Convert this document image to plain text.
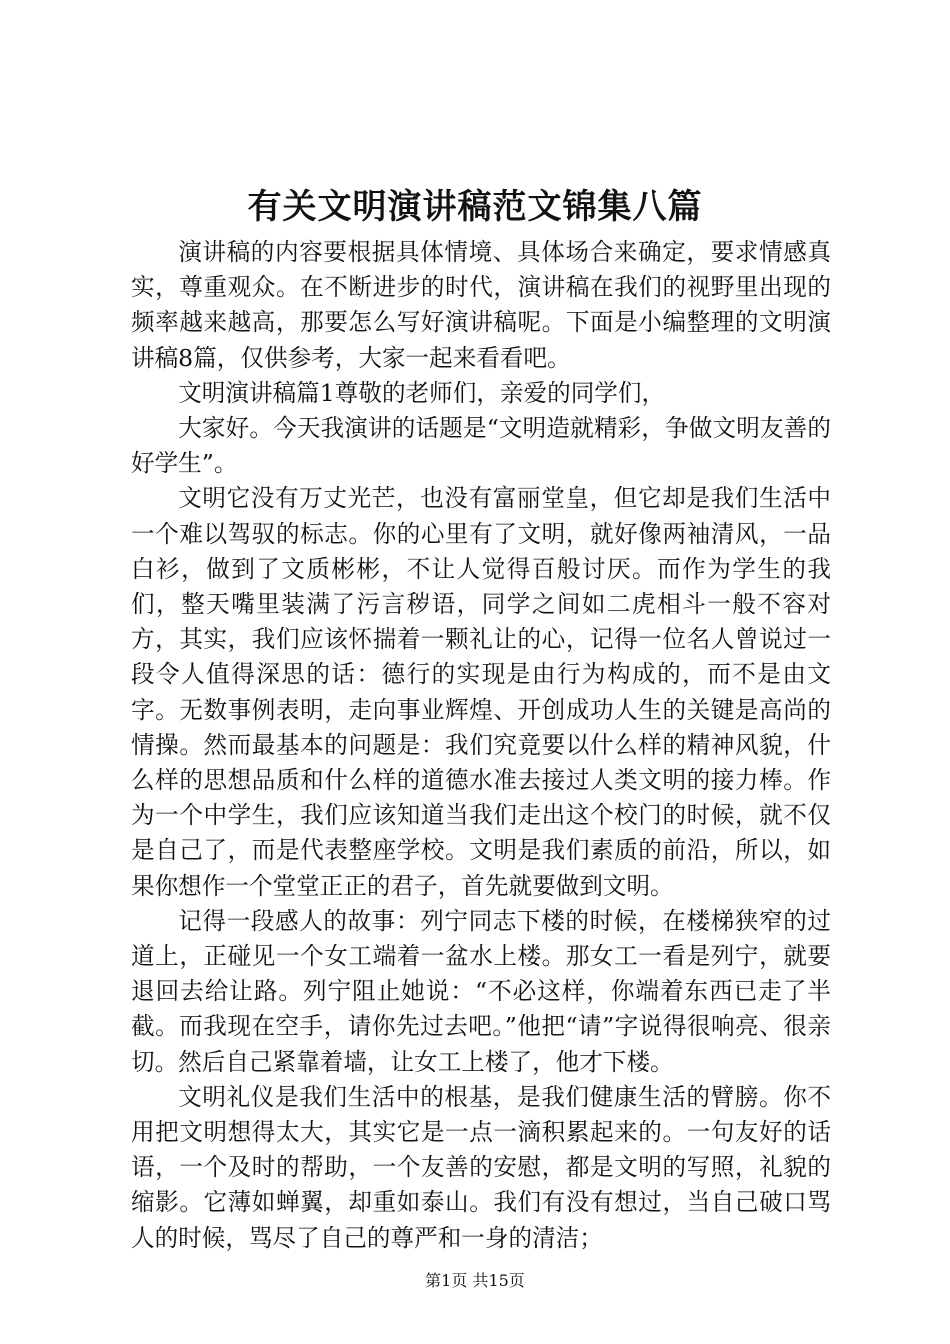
有关文明演讲稿范文锦集八篇

演讲稿的内容要根据具体情境、具体场合来确定，要求情感真实，尊重观众。在不断进步的时代，演讲稿在我们的视野里出现的频率越来越高，那要怎么写好演讲稿呢。下面是小编整理的文明演讲稿8篇，仅供参考，大家一起来看看吧。

文明演讲稿篇1尊敬的老师们，亲爱的同学们，

大家好。今天我演讲的话题是“文明造就精彩，争做文明友善的好学生”。

文明它没有万丈光芒，也没有富丽堂皇，但它却是我们生活中一个难以驾驭的标志。你的心里有了文明，就好像两袖清风，一品白衫，做到了文质彬彬，不让人觉得百般讨厌。而作为学生的我们，整天嘴里装满了污言秽语，同学之间如二虎相斗一般不容对方，其实，我们应该怀揣着一颗礼让的心，记得一位名人曾说过一段令人值得深思的话：德行的实现是由行为构成的，而不是由文字。无数事例表明，走向事业辉煌、开创成功人生的关键是高尚的情操。然而最基本的问题是：我们究竟要以什么样的精神风貌，什么样的思想品质和什么样的道德水准去接过人类文明的接力棒。作为一个中学生，我们应该知道当我们走出这个校门的时候，就不仅是自己了，而是代表整座学校。文明是我们素质的前沿，所以，如果你想作一个堂堂正正的君子，首先就要做到文明。

记得一段感人的故事：列宁同志下楼的时候，在楼梯狭窄的过道上，正碰见一个女工端着一盆水上楼。那女工一看是列宁，就要退回去给让路。列宁阻止她说：“不必这样，你端着东西已走了半截。而我现在空手，请你先过去吧。”他把“请”字说得很响亮、很亲切。然后自己紧靠着墙，让女工上楼了，他才下楼。

文明礼仪是我们生活中的根基，是我们健康生活的臂膀。你不用把文明想得太大，其实它是一点一滴积累起来的。一句友好的话语，一个及时的帮助，一个友善的安慰，都是文明的写照，礼貌的缩影。它薄如蝉翼，却重如泰山。我们有没有想过，当自己破口骂人的时候，骂尽了自己的尊严和一身的清洁；

第1页 共15页
